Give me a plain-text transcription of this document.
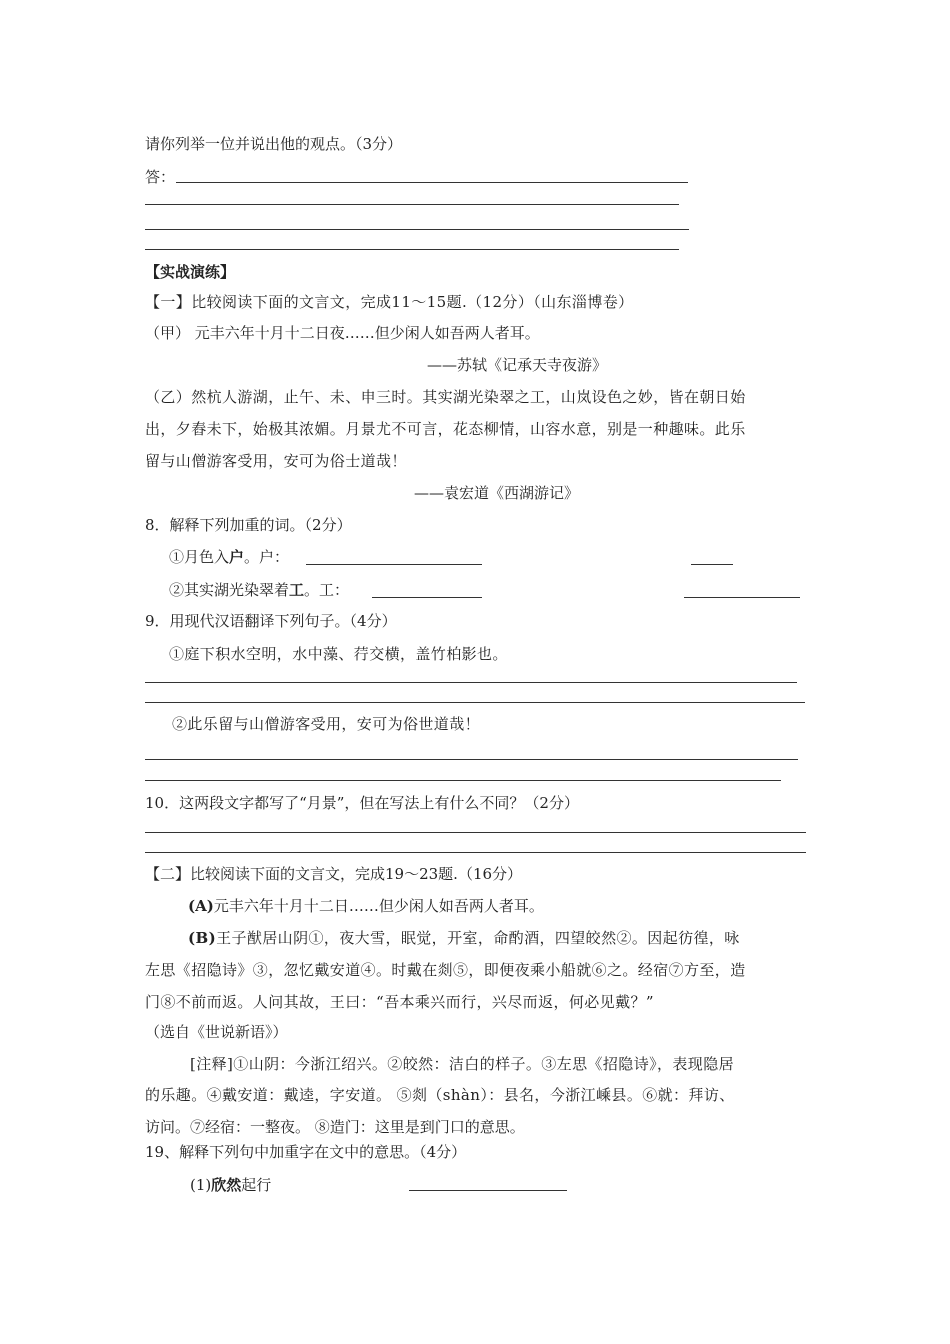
请你列举一位并说出他的观点。（3分）
答：
【实战演练】
【一】比较阅读下面的文言文，完成11～15题.（12分）（山东淄博卷）
（甲） 元丰六年十月十二日夜……但少闲人如吾两人者耳。
——苏轼《记承天寺夜游》
（乙）然杭人游湖，止午、未、申三时。其实湖光染翠之工，山岚设色之妙，皆在朝日始
出，夕舂未下，始极其浓媚。月景尤不可言，花态柳情，山容水意，别是一种趣味。此乐
留与山僧游客受用，安可为俗士道哉！
——袁宏道《西湖游记》
8．解释下列加重的词。（2分）
①月色入户。户：
②其实湖光染翠着工。工：
9．用现代汉语翻译下列句子。（4分）
①庭下积水空明，水中藻、荇交横，盖竹柏影也。
②此乐留与山僧游客受用，安可为俗世道哉！
10．这两段文字都写了“月景”，但在写法上有什么不同？（2分）
【二】比较阅读下面的文言文，完成19～23题.（16分）
(A)元丰六年十月十二日……但少闲人如吾两人者耳。
(B)王子猷居山阴①，夜大雪，眠觉，开室，命酌酒，四望皎然②。因起彷徨，咏
左思《招隐诗》③，忽忆戴安道④。时戴在剡⑤，即便夜乘小船就⑥之。经宿⑦方至，造
门⑧不前而返。人问其故，王曰：“吾本乘兴而行，兴尽而返，何必见戴？”
（选自《世说新语》）
[注释]①山阴：今浙江绍兴。②皎然：洁白的样子。③左思《招隐诗》，表现隐居
的乐趣。④戴安道：戴逵，字安道。 ⑤剡（shàn）：县名，今浙江嵊县。⑥就：拜访、
访问。⑦经宿：一整夜。 ⑧造门：这里是到门口的意思。
19、解释下列句中加重字在文中的意思。（4分）
(1)欣然起行
